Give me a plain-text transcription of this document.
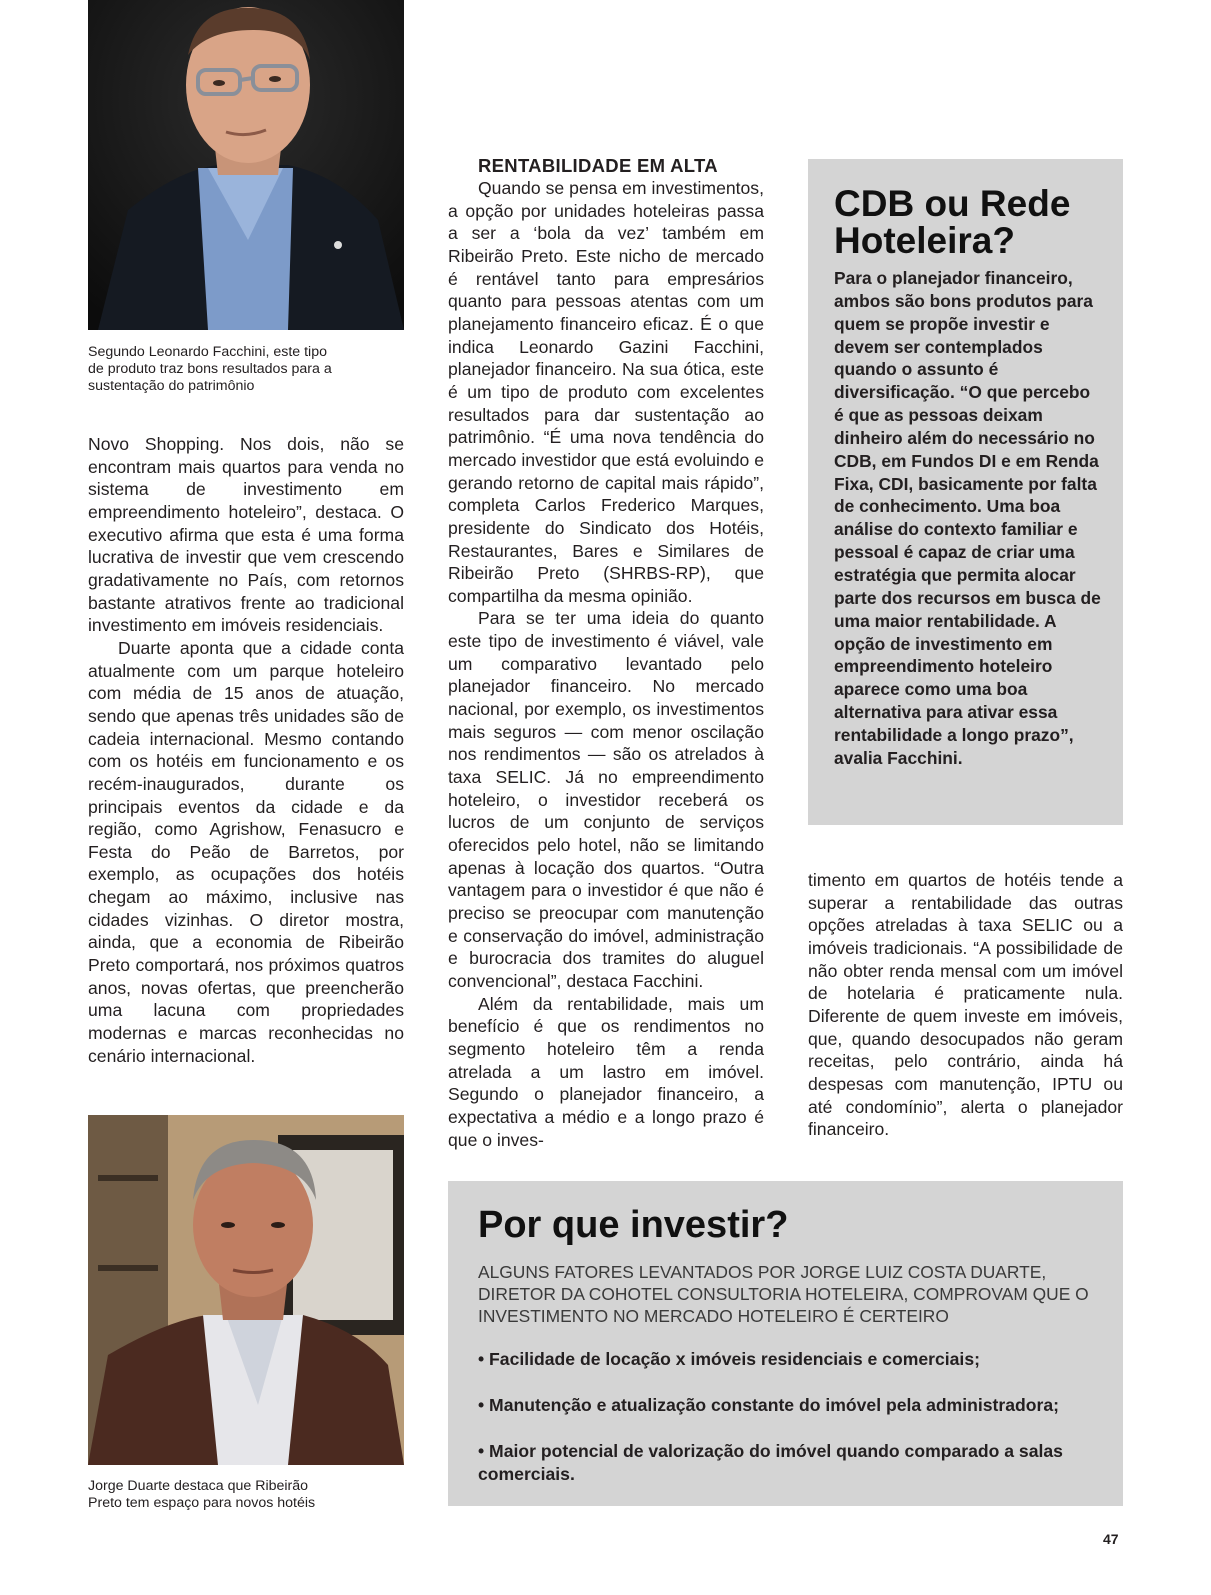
Segundo Leonardo Facchini, este tipo de produto traz bons resultados para a sustentação do patrimônio

Novo Shopping. Nos dois, não se encontram mais quartos para venda no sistema de investimento em empreendimento hoteleiro”, destaca. O executivo afirma que esta é uma forma lucrativa de investir que vem crescendo gradativamente no País, com retornos bastante atrativos frente ao tradicional investimento em imóveis residenciais.

Duarte aponta que a cidade conta atualmente com um parque hoteleiro com média de 15 anos de atuação, sendo que apenas três unidades são de cadeia internacional. Mesmo contando com os hotéis em funcionamento e os recém-inaugurados, durante os principais eventos da cidade e da região, como Agrishow, Fenasucro e Festa do Peão de Barretos, por exemplo, as ocupações dos hotéis chegam ao máximo, inclusive nas cidades vizinhas. O diretor mostra, ainda, que a economia de Ribeirão Preto comportará, nos próximos quatros anos, novas ofertas, que preencherão uma lacuna com propriedades modernas e marcas reconhecidas no cenário internacional.

Jorge Duarte destaca que Ribeirão Preto tem espaço para novos hotéis
RENTABILIDADE EM ALTA

Quando se pensa em investimentos, a opção por unidades hoteleiras passa a ser a ‘bola da vez’ também em Ribeirão Preto. Este nicho de mercado é rentável tanto para empresários quanto para pessoas atentas com um planejamento financeiro eficaz. É o que indica Leonardo Gazini Facchini, planejador financeiro. Na sua ótica, este é um tipo de produto com excelentes resultados para dar sustentação ao patrimônio. “É uma nova tendência do mercado investidor que está evoluindo e gerando retorno de capital mais rápido”, completa Carlos Frederico Marques, presidente do Sindicato dos Hotéis, Restaurantes, Bares e Similares de Ribeirão Preto (SHRBS-RP), que compartilha da mesma opinião.

Para se ter uma ideia do quanto este tipo de investimento é viável, vale um comparativo levantado pelo planejador financeiro. No mercado nacional, por exemplo, os investimentos mais seguros — com menor oscilação nos rendimentos — são os atrelados à taxa SELIC. Já no empreendimento hoteleiro, o investidor receberá os lucros de um conjunto de serviços oferecidos pelo hotel, não se limitando apenas à locação dos quartos. “Outra vantagem para o investidor é que não é preciso se preocupar com manutenção e conservação do imóvel, administração e burocracia dos tramites do aluguel convencional”, destaca Facchini.

Além da rentabilidade, mais um benefício é que os rendimentos no segmento hoteleiro têm a renda atrelada a um lastro em imóvel. Segundo o planejador financeiro, a expectativa a médio e a longo prazo é que o inves-

CDB ou Rede
Hoteleira?
Para o planejador financeiro, ambos são bons produtos para quem se propõe investir e devem ser contemplados quando o assunto é diversificação. “O que percebo é que as pessoas deixam dinheiro além do necessário no CDB, em Fundos DI e em Renda Fixa, CDI, basicamente por falta de conhecimento. Uma boa análise do contexto familiar e pessoal é capaz de criar uma estratégia que permita alocar parte dos recursos em busca de uma maior rentabilidade. A opção de investimento em empreendimento hoteleiro aparece como uma boa alternativa para ativar essa rentabilidade a longo prazo”, avalia Facchini.

timento em quartos de hotéis tende a superar a rentabilidade das outras opções atreladas à taxa SELIC ou a imóveis tradicionais. “A possibilidade de não obter renda mensal com um imóvel de hotelaria é praticamente nula. Diferente de quem investe em imóveis, que, quando desocupados não geram receitas, pelo contrário, ainda há despesas com manutenção, IPTU ou até condomínio”, alerta o planejador financeiro.

Por que investir?
ALGUNS FATORES LEVANTADOS POR JORGE LUIZ COSTA DUARTE, DIRETOR DA COHOTEL CONSULTORIA HOTELEIRA, COMPROVAM QUE O INVESTIMENTO NO MERCADO HOTELEIRO É CERTEIRO
• Facilidade de locação x imóveis residenciais e comerciais;
• Manutenção e atualização constante do imóvel pela administradora;
• Maior potencial de valorização do imóvel quando comparado a salas comerciais.
47
